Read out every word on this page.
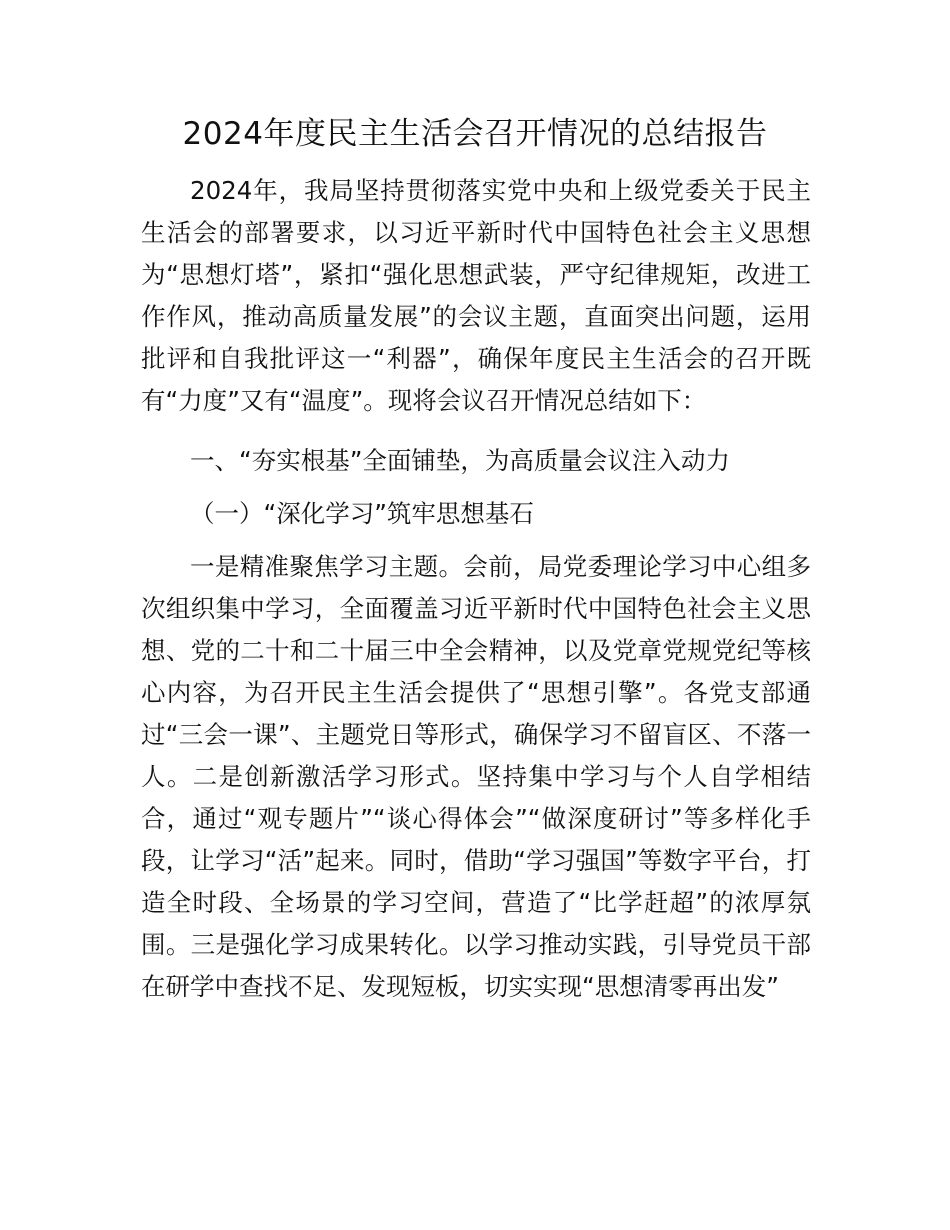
2024年度民主生活会召开情况的总结报告

2024年，我局坚持贯彻落实党中央和上级党委关于民主生活会的部署要求，以习近平新时代中国特色社会主义思想为“思想灯塔”，紧扣“强化思想武装，严守纪律规矩，改进工作作风，推动高质量发展”的会议主题，直面突出问题，运用批评和自我批评这一“利器”，确保年度民主生活会的召开既有“力度”又有“温度”。现将会议召开情况总结如下：

一、“夯实根基”全面铺垫，为高质量会议注入动力

（一）“深化学习”筑牢思想基石

一是精准聚焦学习主题。会前，局党委理论学习中心组多次组织集中学习，全面覆盖习近平新时代中国特色社会主义思想、党的二十和二十届三中全会精神，以及党章党规党纪等核心内容，为召开民主生活会提供了“思想引擎”。各党支部通过“三会一课”、主题党日等形式，确保学习不留盲区、不落一人。二是创新激活学习形式。坚持集中学习与个人自学相结合，通过“观专题片”“谈心得体会”“做深度研讨”等多样化手段，让学习“活”起来。同时，借助“学习强国”等数字平台，打造全时段、全场景的学习空间，营造了“比学赶超”的浓厚氛围。三是强化学习成果转化。以学习推动实践，引导党员干部在研学中查找不足、发现短板，切实实现“思想清零再出发”
